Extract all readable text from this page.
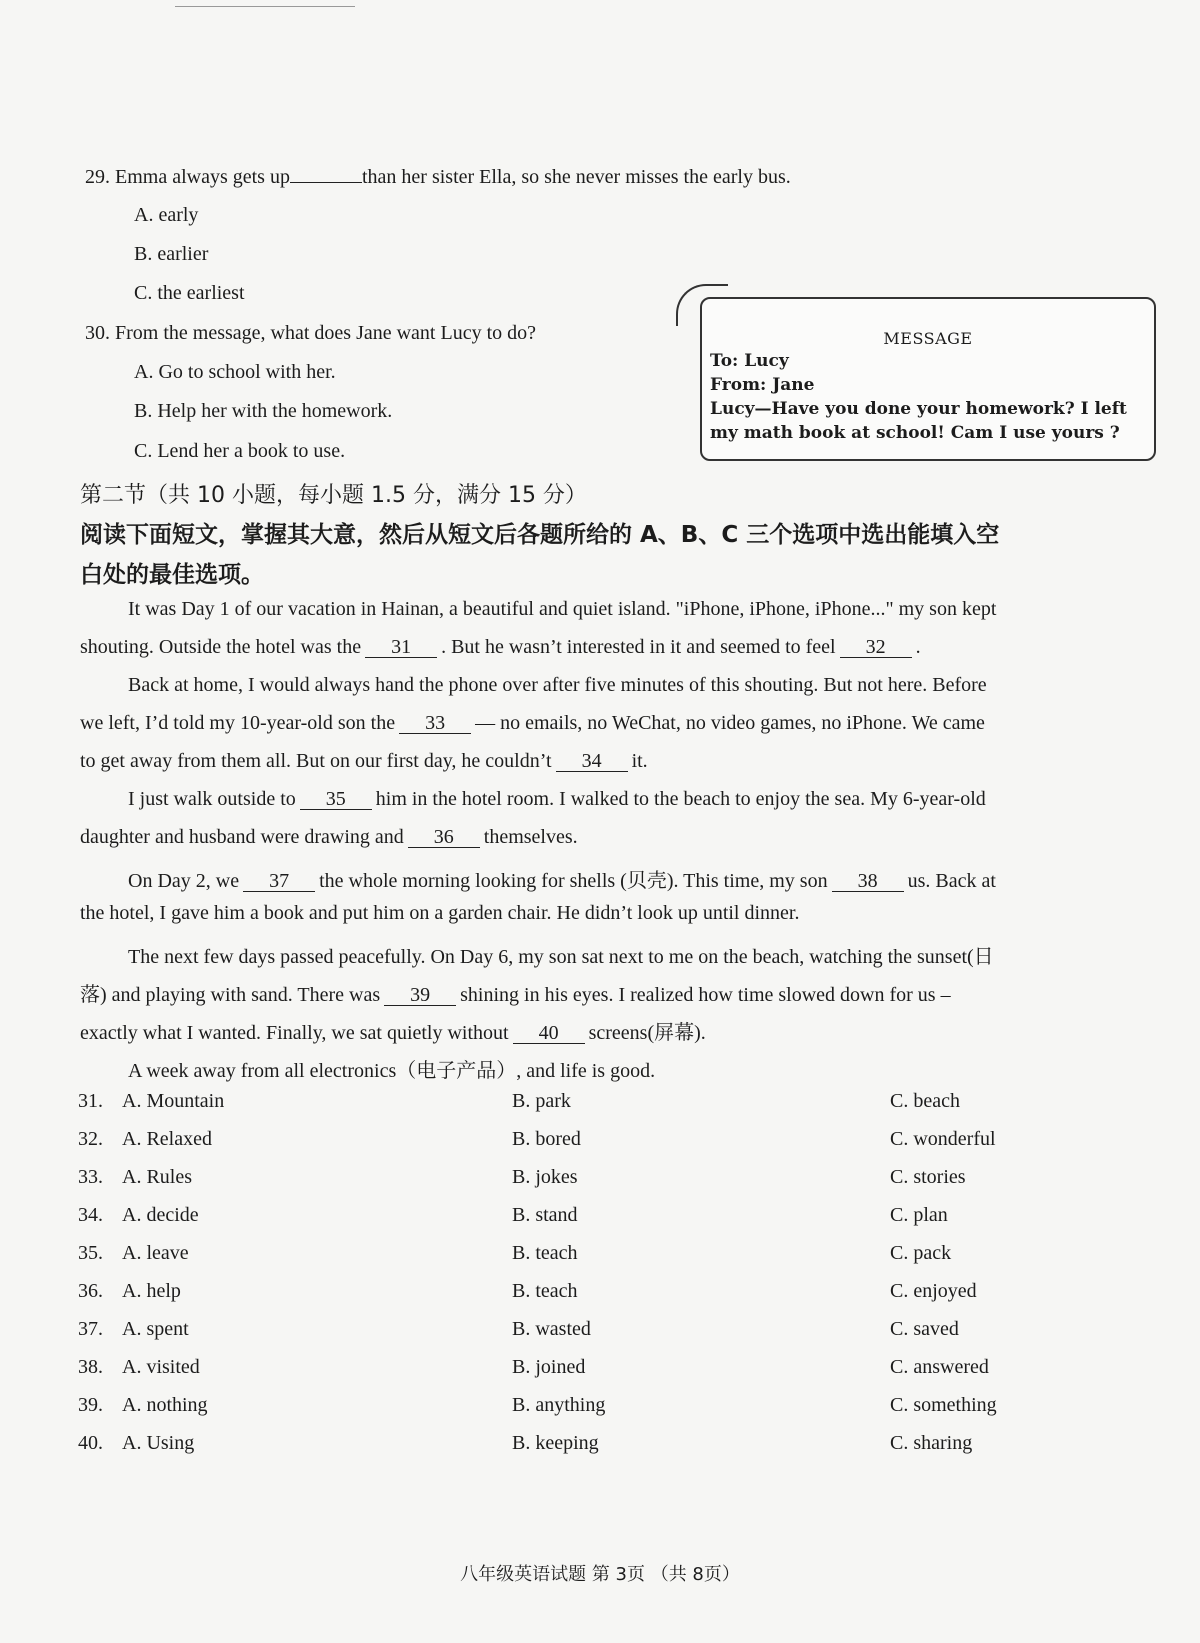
29. Emma always gets up	than her sister Ella, so she never misses the early bus.
A. early
B. earlier
C. the earliest
30. From the message, what does Jane want Lucy to do?
A. Go to school with her.
B. Help her with the homework.
C. Lend her a book to use.
MESSAGE
To: Lucy
From: Jane
Lucy—Have you done your homework? I left
my math book at school! Cam I use yours ?
第二节（共 10 小题，每小题 1.5 分，满分 15 分）
阅读下面短文，掌握其大意，然后从短文后各题所给的 A、B、C 三个选项中选出能填入空
白处的最佳选项。
It was Day 1 of our vacation in Hainan, a beautiful and quiet island. "iPhone, iPhone, iPhone..." my son kept
shouting. Outside the hotel was the 31 . But he wasn’t interested in it and seemed to feel 32 .
Back at home, I would always hand the phone over after five minutes of this shouting. But not here. Before
we left, I’d told my 10-year-old son the 33 — no emails, no WeChat, no video games, no iPhone. We came
to get away from them all. But on our first day, he couldn’t 34 it.
I just walk outside to 35 him in the hotel room. I walked to the beach to enjoy the sea. My 6-year-old
daughter and husband were drawing and 36 themselves.
On Day 2, we 37 the whole morning looking for shells (贝壳). This time, my son 38 us. Back at
the hotel, I gave him a book and put him on a garden chair. He didn’t look up until dinner.
The next few days passed peacefully. On Day 6, my son sat next to me on the beach, watching the sunset(日
落) and playing with sand. There was 39 shining in his eyes. I realized how time slowed down for us –
exactly what I wanted. Finally, we sat quietly without 40 screens(屏幕).
A week away from all electronics（电子产品）, and life is good.
31. A. Mountain	B. park	C. beach
32. A. Relaxed	B. bored	C. wonderful
33. A. Rules	B. jokes	C. stories
34. A. decide	B. stand	C. plan
35. A. leave	B. teach	C. pack
36. A. help	B. teach	C. enjoyed
37. A. spent	B. wasted	C. saved
38. A. visited	B. joined	C. answered
39. A. nothing	B. anything	C. something
40. A. Using	B. keeping	C. sharing
八年级英语试题 第 3页 （共 8页）
